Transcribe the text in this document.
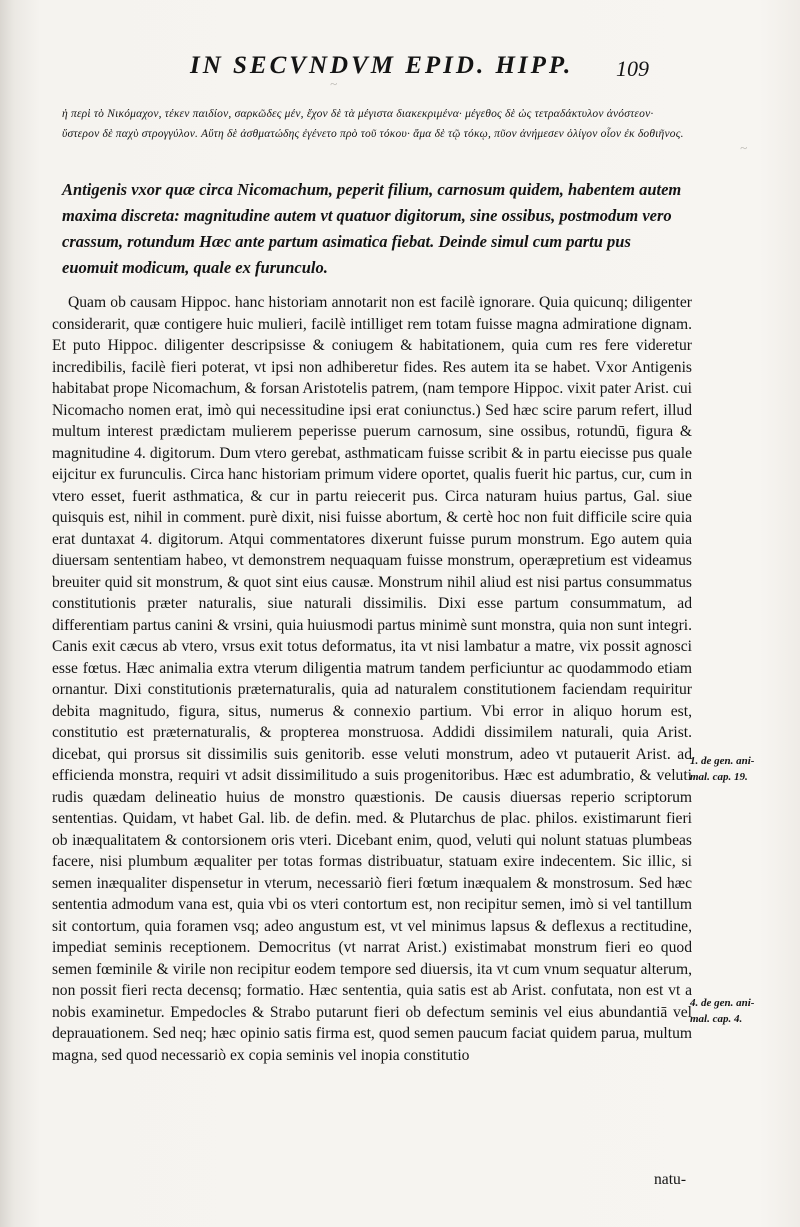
~
~
IN SECVNDVM EPID. HIPP.	109
ἡ περὶ τὸ Νικόμαχον, τέκεν παιδίον, σαρκῶδες μέν, ἔχον δὲ τὰ μέγιστα διακεκριμένα· μέγεθος δὲ ὡς τετραδάκτυλον ἀνόστεον· ὕστερον δὲ παχὺ στρογγύλον. Αὕτη δὲ ἀσθματώδης ἐγένετο πρὸ τοῦ τόκου· ἅμα δὲ τῷ τόκῳ, πῦον ἀνήμεσεν ὀλίγον οἷον ἐκ δοθιῆνος.
Antigenis vxor quæ circa Nicomachum, peperit filium, carnosum quidem, habentem autem maxima discreta: magnitudine autem vt quatuor digitorum, sine ossibus, postmodum vero crassum, rotundum Hæc ante partum asimatica fiebat. Deinde simul cum partu pus euomuit modicum, quale ex furunculo.

Quam ob causam Hippoc. hanc historiam annotarit non est facilè ignorare. Quia quicunq; diligenter considerarit, quæ contigere huic mulieri, facilè intilliget rem totam fuisse magna admiratione dignam. Et puto Hippoc. diligenter descripsisse & coniugem & habitationem, quia cum res fere videretur incredibilis, facilè fieri poterat, vt ipsi non adhiberetur fides. Res autem ita se habet. Vxor Antigenis habitabat prope Nicomachum, & forsan Aristotelis patrem, (nam tempore Hippoc. vixit pater Arist. cui Nicomacho nomen erat, imò qui necessitudine ipsi erat coniunctus.) Sed hæc scire parum refert, illud multum interest prædictam mulierem peperisse puerum carnosum, sine ossibus, rotundū, figura & magnitudine 4. digitorum. Dum vtero gerebat, asthmaticam fuisse scribit & in partu eiecisse pus quale eijcitur ex furunculis. Circa hanc historiam primum videre oportet, qualis fuerit hic partus, cur, cum in vtero esset, fuerit asthmatica, & cur in partu reiecerit pus. Circa naturam huius partus, Gal. siue quisquis est, nihil in comment. purè dixit, nisi fuisse abortum, & certè hoc non fuit difficile scire quia erat duntaxat 4. digitorum. Atqui commentatores dixerunt fuisse purum monstrum. Ego autem quia diuersam sententiam habeo, vt demonstrem nequaquam fuisse monstrum, operæpretium est videamus breuiter quid sit monstrum, & quot sint eius causæ. Monstrum nihil aliud est nisi partus consummatus constitutionis præter naturalis, siue naturali dissimilis. Dixi esse partum consummatum, ad differentiam partus canini & vrsini, quia huiusmodi partus minimè sunt monstra, quia non sunt integri. Canis exit cæcus ab vtero, vrsus exit totus deformatus, ita vt nisi lambatur a matre, vix possit agnosci esse fœtus. Hæc animalia extra vterum diligentia matrum tandem perficiuntur ac quodammodo etiam ornantur. Dixi constitutionis præternaturalis, quia ad naturalem constitutionem faciendam requiritur debita magnitudo, figura, situs, numerus & connexio partium. Vbi error in aliquo horum est, constitutio est præternaturalis, & propterea monstruosa. Addidi dissimilem naturali, quia Arist. dicebat, qui prorsus sit dissimilis suis genitorib. esse veluti monstrum, adeo vt putauerit Arist. ad efficienda monstra, requiri vt adsit dissimilitudo a suis progenitoribus. Hæc est adumbratio, & veluti rudis quædam delineatio huius de monstro quæstionis. De causis diuersas reperio scriptorum sententias. Quidam, vt habet Gal. lib. de defin. med. & Plutarchus de plac. philos. existimarunt fieri ob inæqualitatem & contorsionem oris vteri. Dicebant enim, quod, veluti qui nolunt statuas plumbeas facere, nisi plumbum æqualiter per totas formas distribuatur, statuam exire indecentem. Sic illic, si semen inæqualiter dispensetur in vterum, necessariò fieri fœtum inæqualem & monstrosum. Sed hæc sententia admodum vana est, quia vbi os vteri contortum est, non recipitur semen, imò si vel tantillum sit contortum, quia foramen vsq; adeo angustum est, vt vel minimus lapsus & deflexus a rectitudine, impediat seminis receptionem. Democritus (vt narrat Arist.) existimabat monstrum fieri eo quod semen fœminile & virile non recipitur eodem tempore sed diuersis, ita vt cum vnum sequatur alterum, non possit fieri recta decensq; formatio. Hæc sententia, quia satis est ab Arist. confutata, non est vt a nobis examinetur. Empedocles & Strabo putarunt fieri ob defectum seminis vel eius abundantiā vel deprauationem. Sed neq; hæc opinio satis firma est, quod semen paucum faciat quidem parua, multum magna, sed quod necessariò ex copia seminis vel inopia constitutio

1. de gen. ani-mal. cap. 19.
4. de gen. ani-mal. cap. 4.
natu-
